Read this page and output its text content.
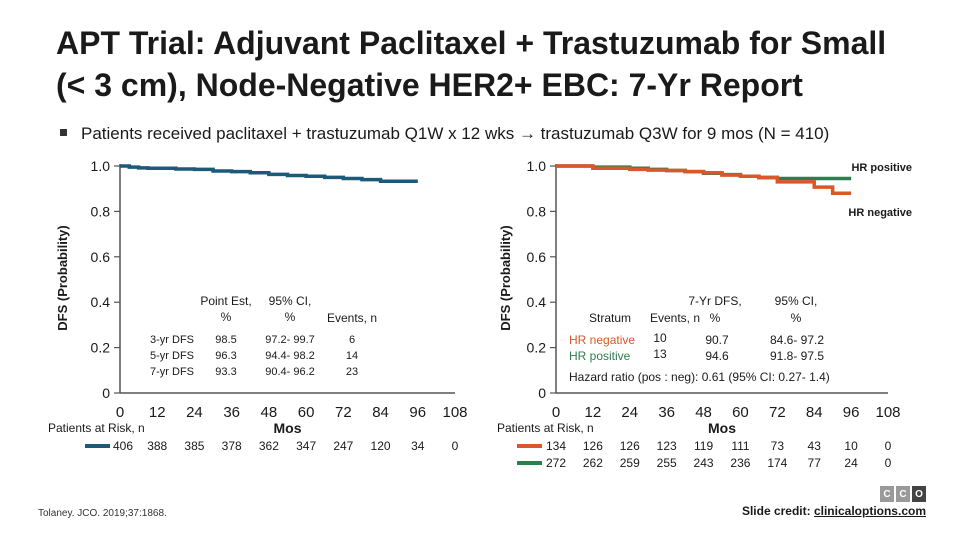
APT Trial: Adjuvant Paclitaxel + Trastuzumab for Small
(< 3 cm), Node-Negative HER2+ EBC: 7-Yr Report
Patients received paclitaxel + trastuzumab Q1W x 12 wks → trastuzumab Q3W for 9 mos (N = 410)
0
0.2
0.4
0.6
0.8
1.0
0 12 24 36 48 60 72 84 96 108
DFS (Probability)
Mos
Point Est,
%
95% CI,
%	Events, n
3-yr DFS 98.5	97.2- 99.7	6
5-yr DFS 96.3	94.4- 98.2	14
7-yr DFS 93.3	90.4- 96.2	23
Patients at Risk, n
406 388 385 378 362 347 247 120 34 0
0
0.2
0.4
0.6
0.8
1.0
0 12 24 36 48 60 72 84 96 108
DFS (Probability)
Mos
HR positive
HR negative
Stratum Events, n
7-Yr DFS,
%
95% CI,
%
HR negative 10	90.7	84.6- 97.2
HR positive 13	94.6	91.8- 97.5
Hazard ratio (pos : neg): 0.61 (95% CI: 0.27- 1.4)
Patients at Risk, n
134 126 126 123 119 111 73 43 10 0
272 262 259 255 243 236 174 77 24 0
Tolaney. JCO. 2019;37:1868.
C C O
Slide credit: clinicaloptions.com
